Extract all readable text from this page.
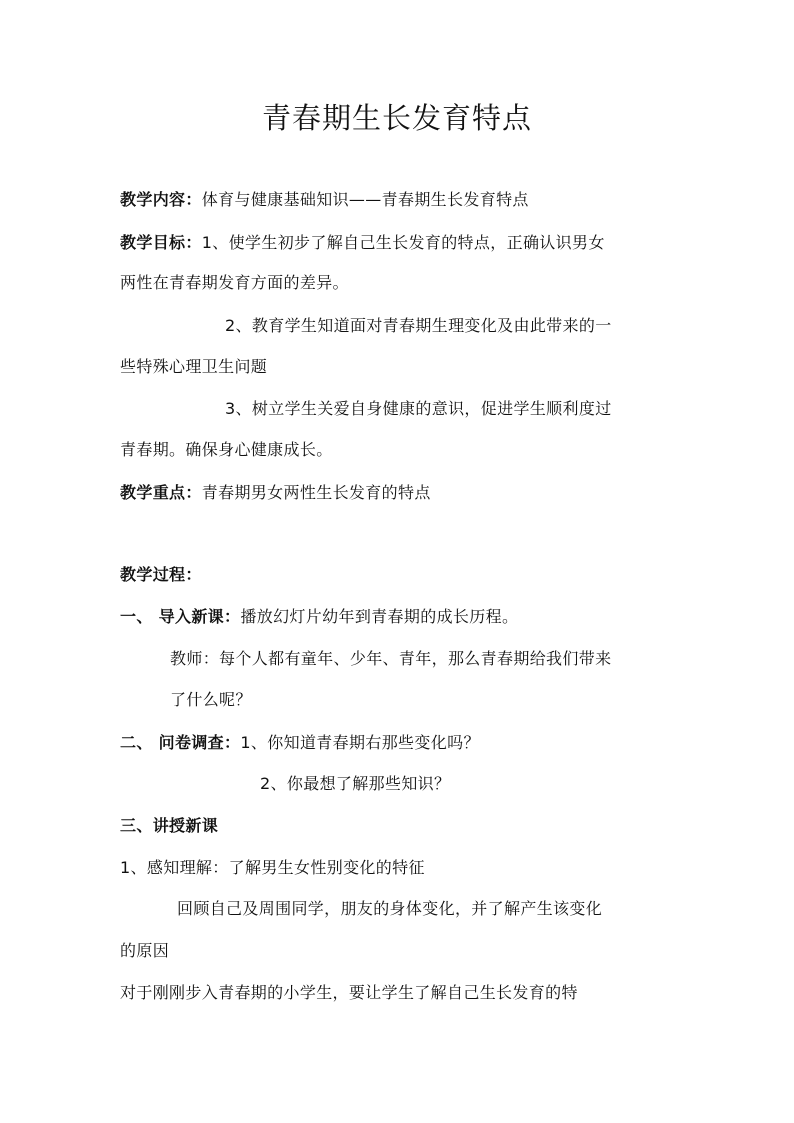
青春期生长发育特点
教学内容：体育与健康基础知识——青春期生长发育特点
教学目标：1、使学生初步了解自己生长发育的特点，正确认识男女
两性在青春期发育方面的差异。
2、教育学生知道面对青春期生理变化及由此带来的一
些特殊心理卫生问题
3、树立学生关爱自身健康的意识，促进学生顺利度过
青春期。确保身心健康成长。
教学重点：青春期男女两性生长发育的特点
教学过程：
一、 导入新课：播放幻灯片幼年到青春期的成长历程。
教师：每个人都有童年、少年、青年，那么青春期给我们带来
了什么呢？
二、 问卷调查：1、你知道青春期右那些变化吗？
2、你最想了解那些知识？
三、讲授新课
1、感知理解：了解男生女性别变化的特征
回顾自己及周围同学，朋友的身体变化，并了解产生该变化
的原因
对于刚刚步入青春期的小学生，要让学生了解自己生长发育的特
